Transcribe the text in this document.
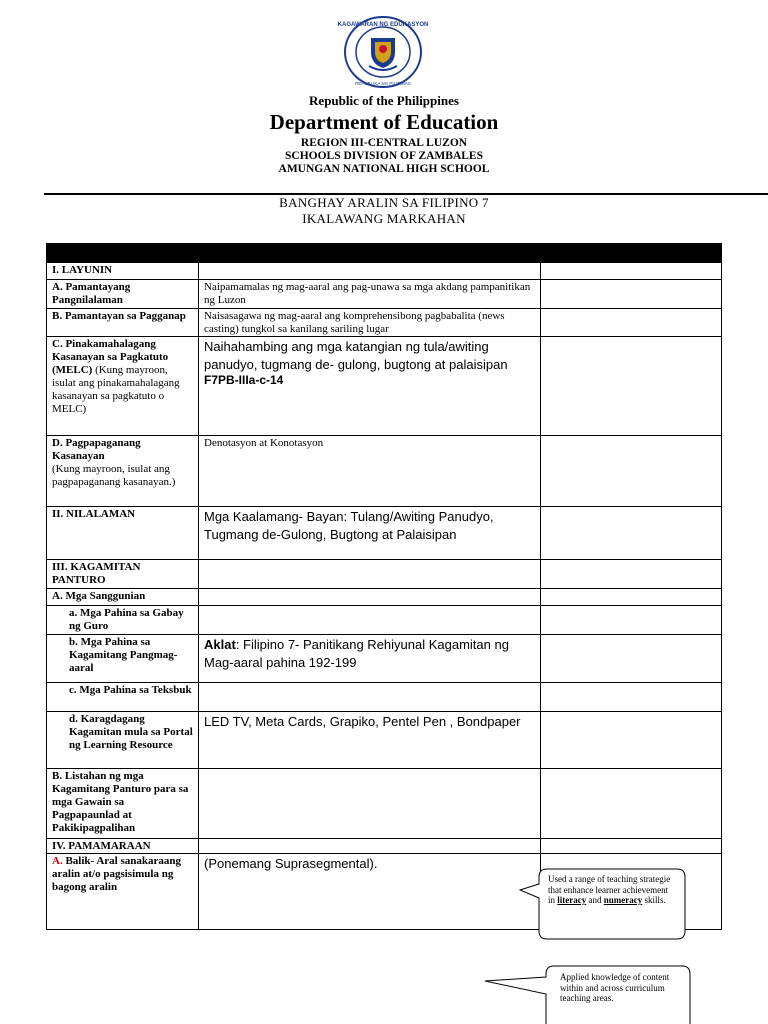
KAGAWARAN NG EDUKASYON
REPUBLIKA NG PILIPINAS
Republic of the Philippines
Department of Education
REGION III-CENTRAL LUZON
SCHOOLS DIVISION OF ZAMBALES
AMUNGAN NATIONAL HIGH SCHOOL
BANGHAY ARALIN SA FILIPINO 7
IKALAWANG MARKAHAN

I. LAYUNIN		
A. Pamantayang Pangnilalaman	Naipamamalas ng mag-aaral ang pag-unawa sa mga akdang pampanitikan ng Luzon	
B. Pamantayan sa Pagganap	Naisasagawa ng mag-aaral ang komprehensibong pagbabalita (news casting) tungkol sa kanilang sariling lugar	
C. Pinakamahalagang Kasanayan sa Pagkatuto (MELC) (Kung mayroon, isulat ang pinakamahalagang kasanayan sa pagkatuto o MELC)	Naihahambing ang mga katangian ng tula/awiting panudyo, tugmang de- gulong, bugtong at palaisipan
F7PB-IIIa-c-14	

D. Pagpapaganang Kasanayan
(Kung mayroon, isulat ang pagpapaganang kasanayan.)	Denotasyon at Konotasyon	
II. NILALAMAN	Mga Kaalamang- Bayan: Tulang/Awiting Panudyo, Tugmang de-Gulong, Bugtong at Palaisipan	

III. KAGAMITAN PANTURO		
A. Mga Sanggunian		
a. Mga Pahina sa Gabay ng Guro		
b. Mga Pahina sa Kagamitang Pangmag-aaral	Aklat: Filipino 7- Panitikang Rehiyunal Kagamitan ng Mag-aaral pahina 192-199	

c. Mga Pahina sa Teksbuk		
d. Karagdagang Kagamitan mula sa Portal ng Learning Resource	LED TV, Meta Cards, Grapiko, Pentel Pen , Bondpaper	

B. Listahan ng mga Kagamitang Panturo para sa mga Gawain sa Pagpapaunlad at Pakikipagpalihan		
IV. PAMAMARAAN		
A. Balik- Aral sanakaraang aralin at/o pagsisimula ng bagong aralin	(Ponemang Suprasegmental).	

Used a range of teaching strategie that enhance learner achievement in literacy and numeracy skills.
Applied knowledge of content within and across curriculum teaching areas.
